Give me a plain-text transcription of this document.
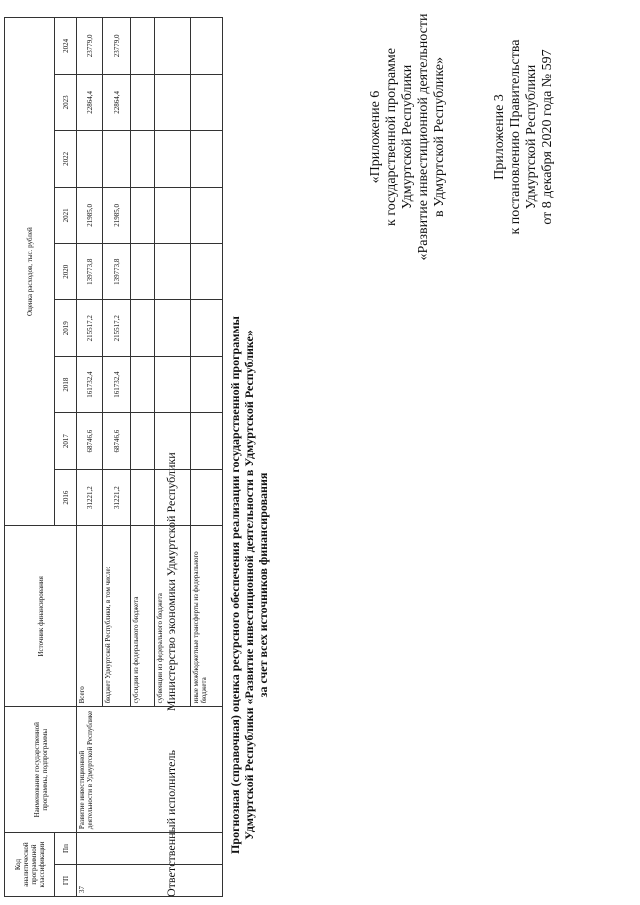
Приложение 3 к постановлению Правительства Удмуртской Республики от 8 декабря 2020 года № 597
«Приложение 6 к государственной программе Удмуртской Республики «Развитие инвестиционной деятельности в Удмуртской Республике»
Прогнозная (справочная) оценка ресурсного обеспечения реализации государственной программы Удмуртской Республики «Развитие инвестиционной деятельности в Удмуртской Республике» за счет всех источников финансирования
Ответственный исполнитель Министерство экономики Удмуртской Республики
Код аналитической программной классификации		Наименование государственной программы, подпрограммы	Источник финансирования	Оценка расходов, тыс. рублей								
ГП	Пп			2016	2017	2018	2019	2020	2021	2022	2023	2024
37		Развитие инвестиционной деятельности в Удмуртской Республике	Всего	31221,2	68746,6	161732,4	215517,2	139773,8	21985,0		22864,4	23779,0
			бюджет Удмуртской Республики, в том числе:	31221,2	68746,6	161732,4	215517,2	139773,8	21985,0		22864,4	23779,0
			субсидии из федерального бюджета									
			субвенции из федерального бюджета									
			иные межбюджетные трансферты из федерального бюджета									
